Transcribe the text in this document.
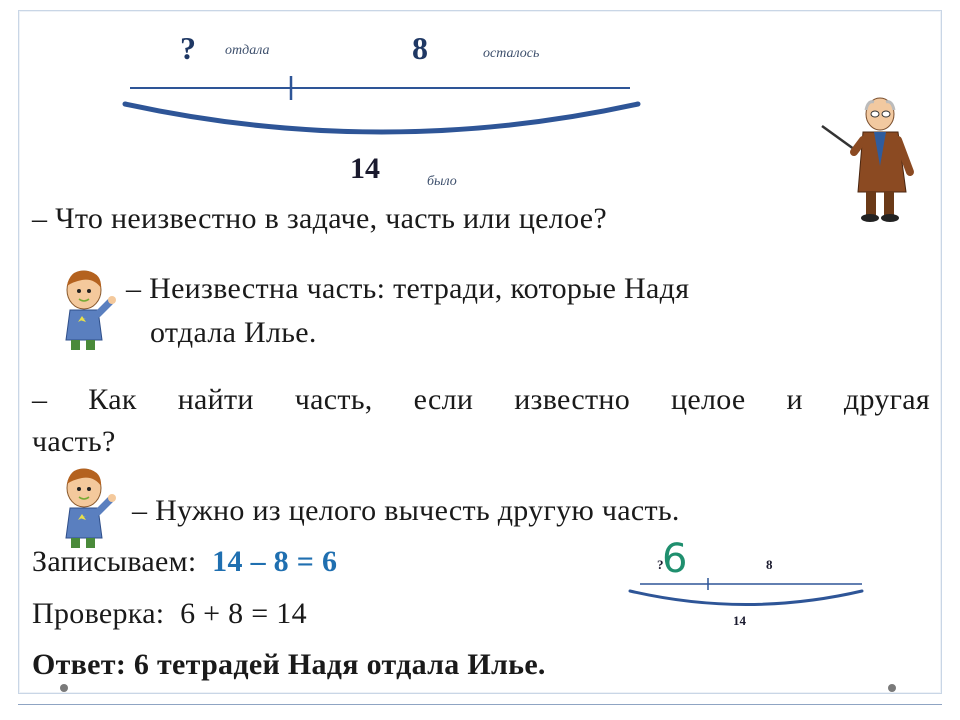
? отдала	8	осталось
14	было
– Что неизвестно в задаче, часть или целое?
– Неизвестна часть: тетради, которые Надя
отдала Илье.
– Как найти часть, если известно целое и другая
часть?
– Нужно из целого вычесть другую часть.
Записываем: 14 – 8 = 6
Проверка: 6 + 8 = 14
Ответ: 6 тетрадей Надя отдала Илье.
?
6	8
14
